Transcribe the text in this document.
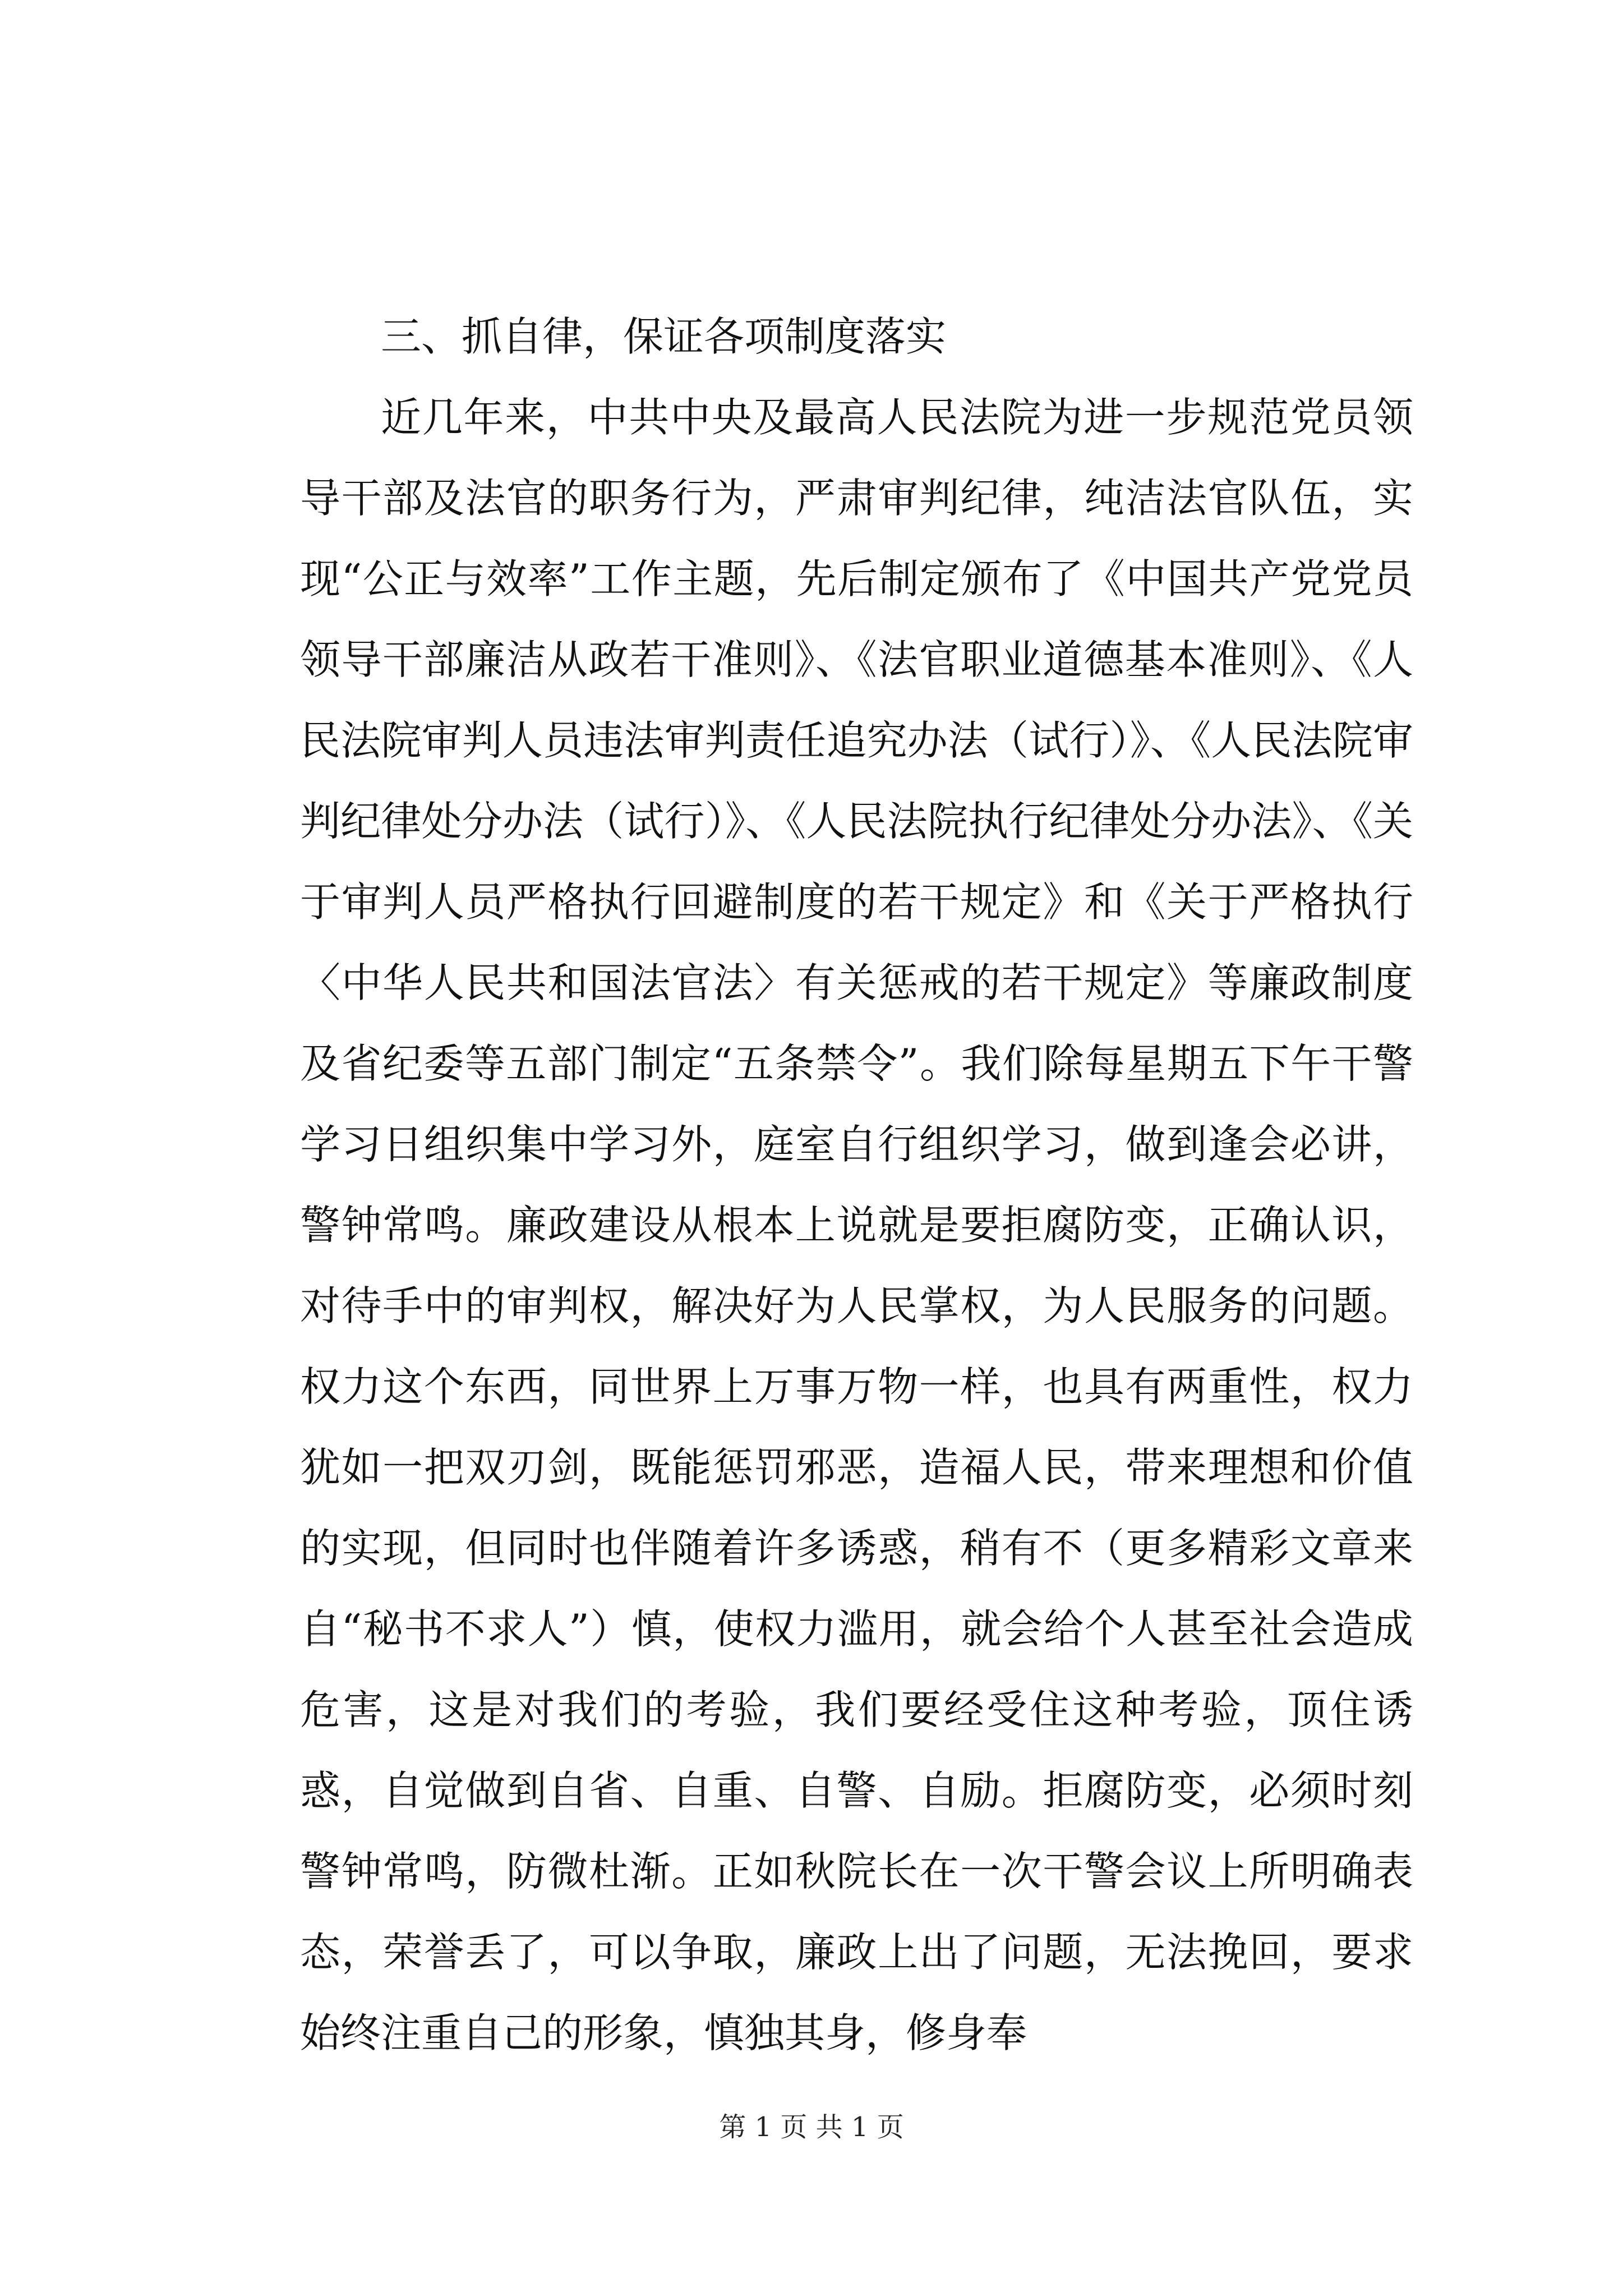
三、抓自律，保证各项制度落实

近几年来，中共中央及最高人民法院为进一步规范党员领导干部及法官的职务行为，严肃审判纪律，纯洁法官队伍，实现“公正与效率”工作主题，先后制定颁布了《中国共产党党员领导干部廉洁从政若干准则》、《法官职业道德基本准则》、《人民法院审判人员违法审判责任追究办法（试行）》、《人民法院审判纪律处分办法（试行）》、《人民法院执行纪律处分办法》、《关于审判人员严格执行回避制度的若干规定》和《关于严格执行〈中华人民共和国法官法〉有关惩戒的若干规定》等廉政制度及省纪委等五部门制定“五条禁令”。我们除每星期五下午干警学习日组织集中学习外，庭室自行组织学习，做到逢会必讲，警钟常鸣。廉政建设从根本上说就是要拒腐防变，正确认识，对待手中的审判权，解决好为人民掌权，为人民服务的问题。权力这个东西，同世界上万事万物一样，也具有两重性，权力犹如一把双刃剑，既能惩罚邪恶，造福人民，带来理想和价值的实现，但同时也伴随着许多诱惑，稍有不（更多精彩文章来自“秘书不求人”）慎，使权力滥用，就会给个人甚至社会造成危害，这是对我们的考验，我们要经受住这种考验，顶住诱惑，自觉做到自省、自重、自警、自励。拒腐防变，必须时刻警钟常鸣，防微杜渐。正如秋院长在一次干警会议上所明确表态，荣誉丢了，可以争取，廉政上出了问题，无法挽回，要求始终注重自己的形象，慎独其身，修身奉

第 1 页 共 1 页
